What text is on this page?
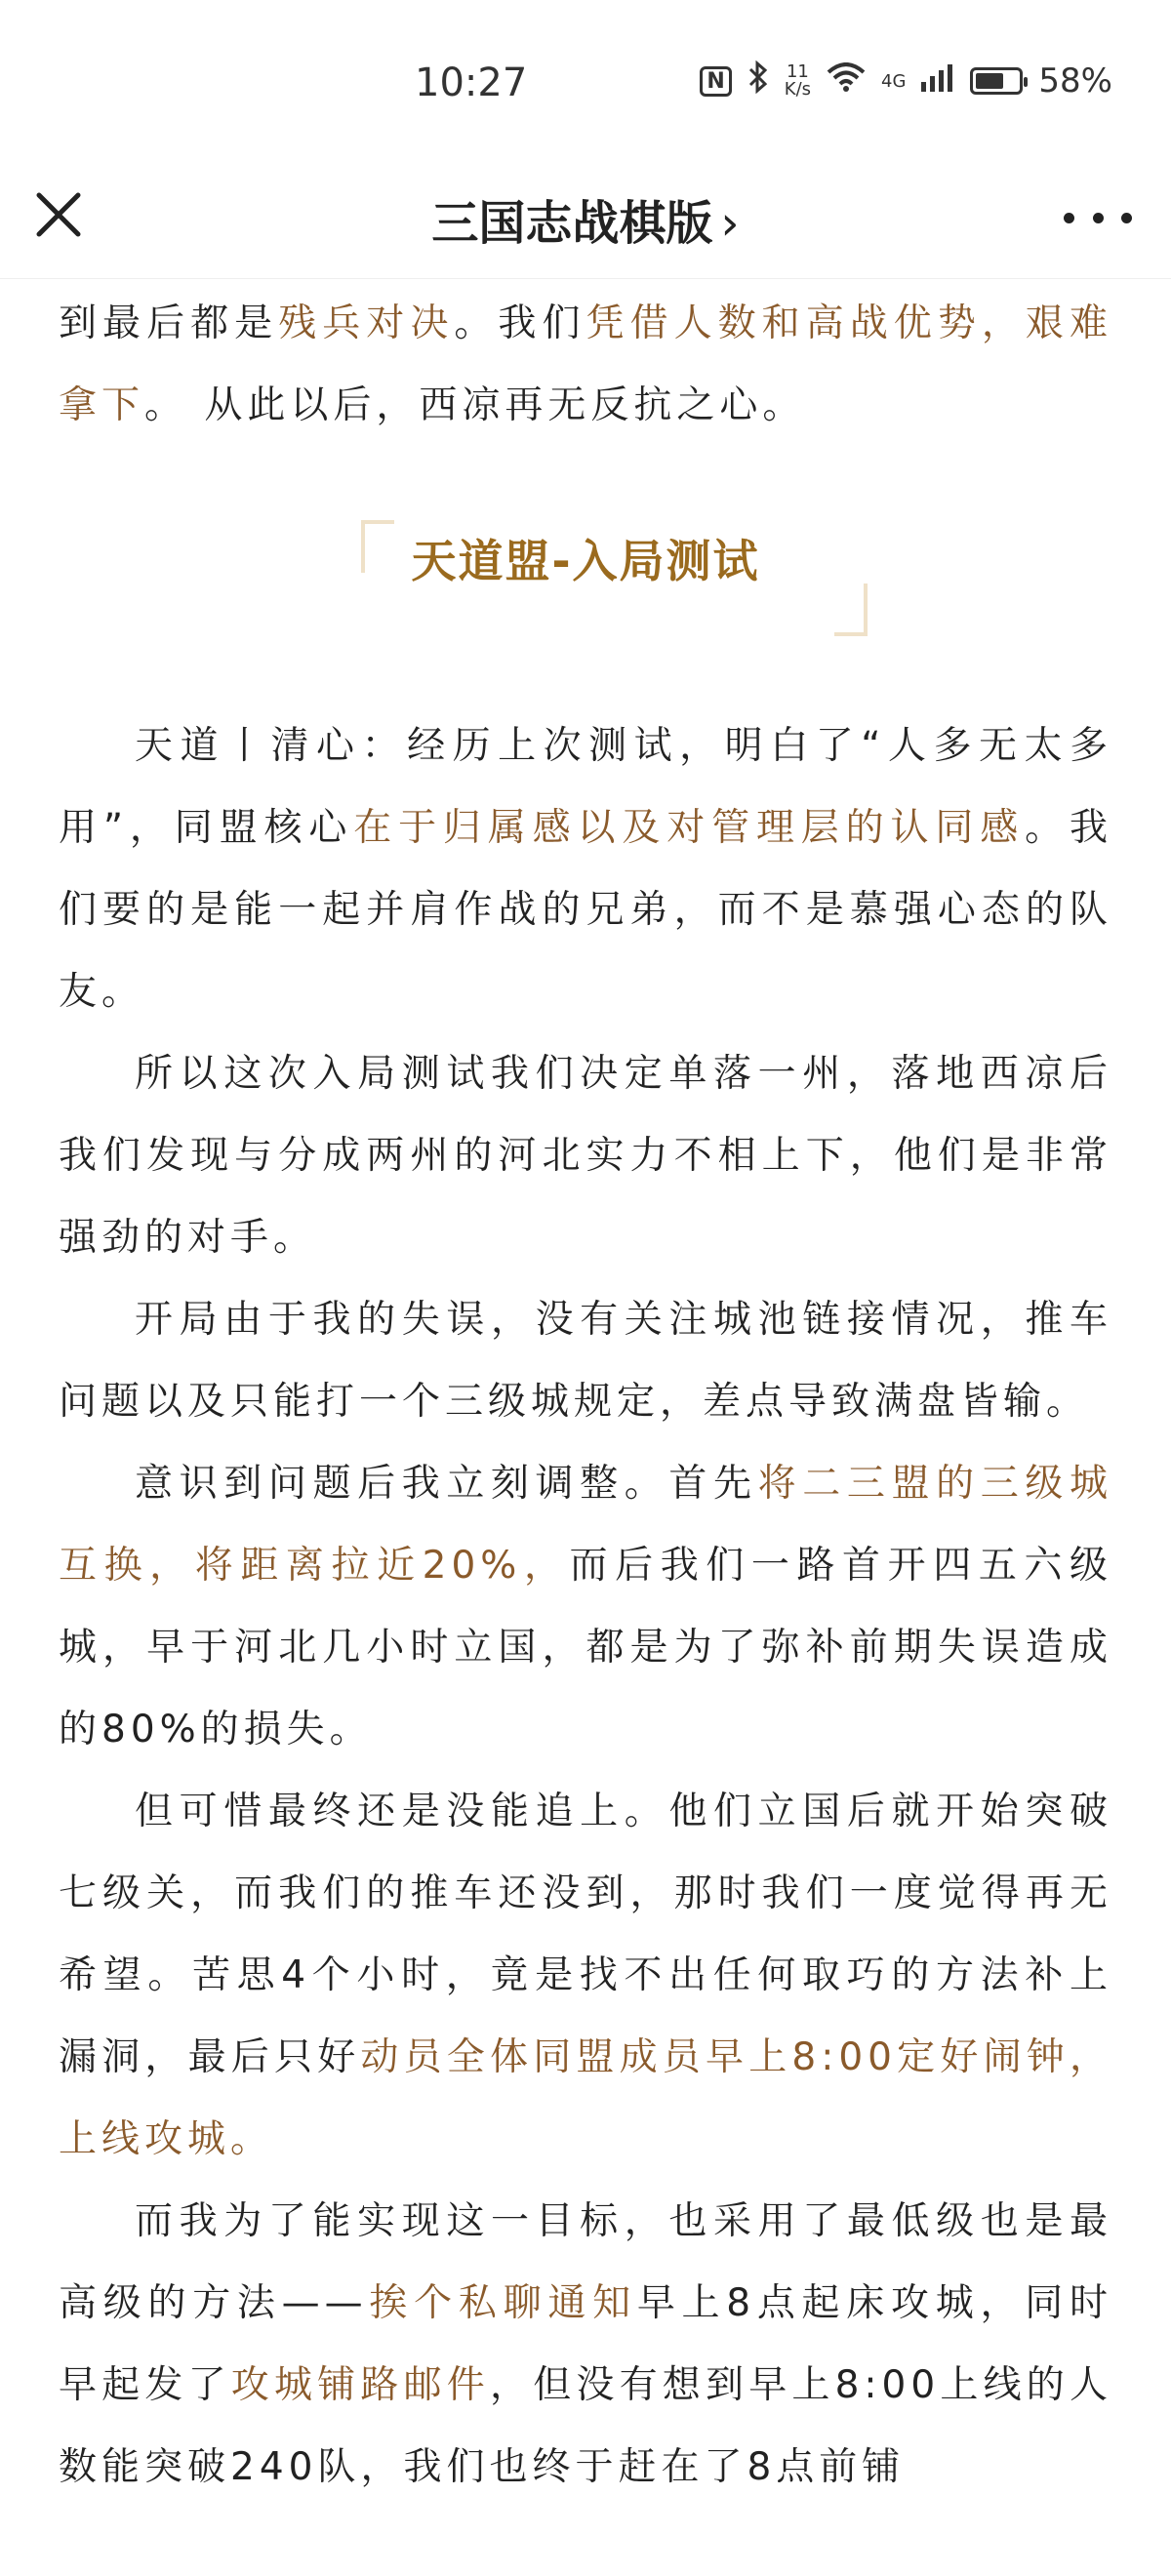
10:27	N	11
K/s	4G	58%
三国志战棋版 ›

到最后都是残兵对决。我们凭借人数和高战优势，艰难拿下。 从此以后，西凉再无反抗之心。

天道盟-入局测试

天道丨清心：经历上次测试，明白了“人多无太多用”，同盟核心在于归属感以及对管理层的认同感。我们要的是能一起并肩作战的兄弟，而不是慕强心态的队友。

所以这次入局测试我们决定单落一州，落地西凉后我们发现与分成两州的河北实力不相上下，他们是非常强劲的对手。

开局由于我的失误，没有关注城池链接情况，推车问题以及只能打一个三级城规定，差点导致满盘皆输。

意识到问题后我立刻调整。首先将二三盟的三级城互换，将距离拉近20%，而后我们一路首开四五六级城，早于河北几小时立国，都是为了弥补前期失误造成的80%的损失。

但可惜最终还是没能追上。他们立国后就开始突破七级关，而我们的推车还没到，那时我们一度觉得再无希望。苦思4个小时，竟是找不出任何取巧的方法补上漏洞，最后只好动员全体同盟成员早上8:00定好闹钟，上线攻城。

而我为了能实现这一目标，也采用了最低级也是最高级的方法——挨个私聊通知早上8点起床攻城，同时早起发了攻城铺路邮件，但没有想到早上8:00上线的人数能突破240队，我们也终于赶在了8点前铺
